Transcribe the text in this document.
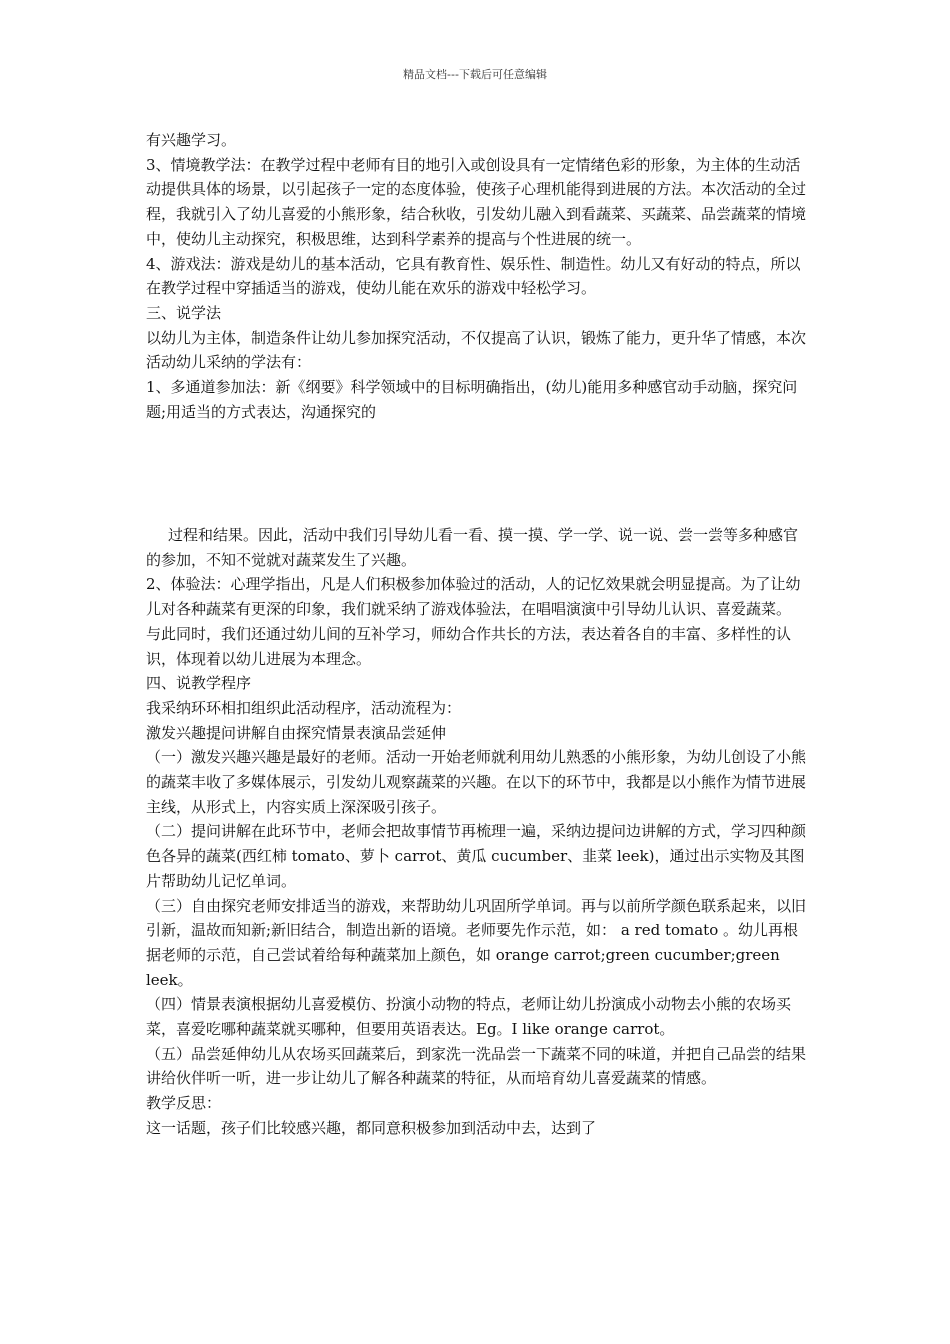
精品文档---下载后可任意编辑

有兴趣学习。

3、情境教学法：在教学过程中老师有目的地引入或创设具有一定情绪色彩的形象，为主体的生动活动提供具体的场景，以引起孩子一定的态度体验，使孩子心理机能得到进展的方法。本次活动的全过程，我就引入了幼儿喜爱的小熊形象，结合秋收，引发幼儿融入到看蔬菜、买蔬菜、品尝蔬菜的情境中，使幼儿主动探究，积极思维，达到科学素养的提高与个性进展的统一。

4、游戏法：游戏是幼儿的基本活动，它具有教育性、娱乐性、制造性。幼儿又有好动的特点，所以在教学过程中穿插适当的游戏，使幼儿能在欢乐的游戏中轻松学习。

三、说学法

以幼儿为主体，制造条件让幼儿参加探究活动，不仅提高了认识，锻炼了能力，更升华了情感，本次活动幼儿采纳的学法有：

1、多通道参加法：新《纲要》科学领域中的目标明确指出，(幼儿)能用多种感官动手动脑，探究问题;用适当的方式表达，沟通探究的

过程和结果。因此，活动中我们引导幼儿看一看、摸一摸、学一学、说一说、尝一尝等多种感官的参加，不知不觉就对蔬菜发生了兴趣。

2、体验法：心理学指出，凡是人们积极参加体验过的活动，人的记忆效果就会明显提高。为了让幼儿对各种蔬菜有更深的印象，我们就采纳了游戏体验法，在唱唱演演中引导幼儿认识、喜爱蔬菜。

与此同时，我们还通过幼儿间的互补学习，师幼合作共长的方法，表达着各自的丰富、多样性的认识，体现着以幼儿进展为本理念。

四、说教学程序

我采纳环环相扣组织此活动程序，活动流程为：

激发兴趣提问讲解自由探究情景表演品尝延伸

（一）激发兴趣兴趣是最好的老师。活动一开始老师就利用幼儿熟悉的小熊形象，为幼儿创设了小熊的蔬菜丰收了多媒体展示，引发幼儿观察蔬菜的兴趣。在以下的环节中，我都是以小熊作为情节进展主线，从形式上，内容实质上深深吸引孩子。

（二）提问讲解在此环节中，老师会把故事情节再梳理一遍，采纳边提问边讲解的方式，学习四种颜色各异的蔬菜(西红柿 tomato、萝卜 carrot、黄瓜 cucumber、韭菜 leek)，通过出示实物及其图片帮助幼儿记忆单词。

（三）自由探究老师安排适当的游戏，来帮助幼儿巩固所学单词。再与以前所学颜色联系起来，以旧引新，温故而知新;新旧结合，制造出新的语境。老师要先作示范，如： a red tomato 。幼儿再根据老师的示范，自己尝试着给每种蔬菜加上颜色，如 orange carrot;green cucumber;green leek。

（四）情景表演根据幼儿喜爱模仿、扮演小动物的特点，老师让幼儿扮演成小动物去小熊的农场买菜，喜爱吃哪种蔬菜就买哪种，但要用英语表达。Eg。I like orange carrot。

（五）品尝延伸幼儿从农场买回蔬菜后，到家洗一洗品尝一下蔬菜不同的味道，并把自己品尝的结果讲给伙伴听一听，进一步让幼儿了解各种蔬菜的特征，从而培育幼儿喜爱蔬菜的情感。

教学反思：

这一话题，孩子们比较感兴趣，都同意积极参加到活动中去，达到了
